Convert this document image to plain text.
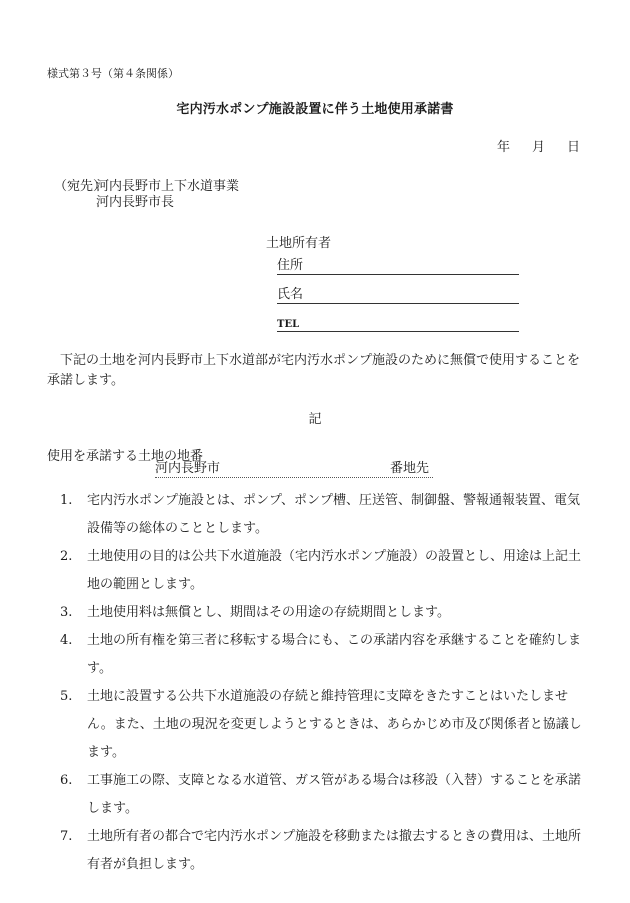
様式第３号（第４条関係）
宅内汚水ポンプ施設設置に伴う土地使用承諾書
年 月 日
（宛先）
河内長野市上下水道事業
河内長野市長
土地所有者
住所
氏名
TEL
下記の土地を河内長野市上下水道部が宅内汚水ポンプ施設のために無償で使用することを承諾します。
記
使用を承諾する土地の地番
河内長野市	番地先
1. 宅内汚水ポンプ施設とは、ポンプ、ポンプ槽、圧送管、制御盤、警報通報装置、電気設備等の総体のこととします。
2. 土地使用の目的は公共下水道施設（宅内汚水ポンプ施設）の設置とし、用途は上記土地の範囲とします。
3. 土地使用料は無償とし、期間はその用途の存続期間とします。
4. 土地の所有権を第三者に移転する場合にも、この承諾内容を承継することを確約します。
5. 土地に設置する公共下水道施設の存続と維持管理に支障をきたすことはいたしません。また、土地の現況を変更しようとするときは、あらかじめ市及び関係者と協議します。
6. 工事施工の際、支障となる水道管、ガス管がある場合は移設（入替）することを承諾します。
7. 土地所有者の都合で宅内汚水ポンプ施設を移動または撤去するときの費用は、土地所有者が負担します。
